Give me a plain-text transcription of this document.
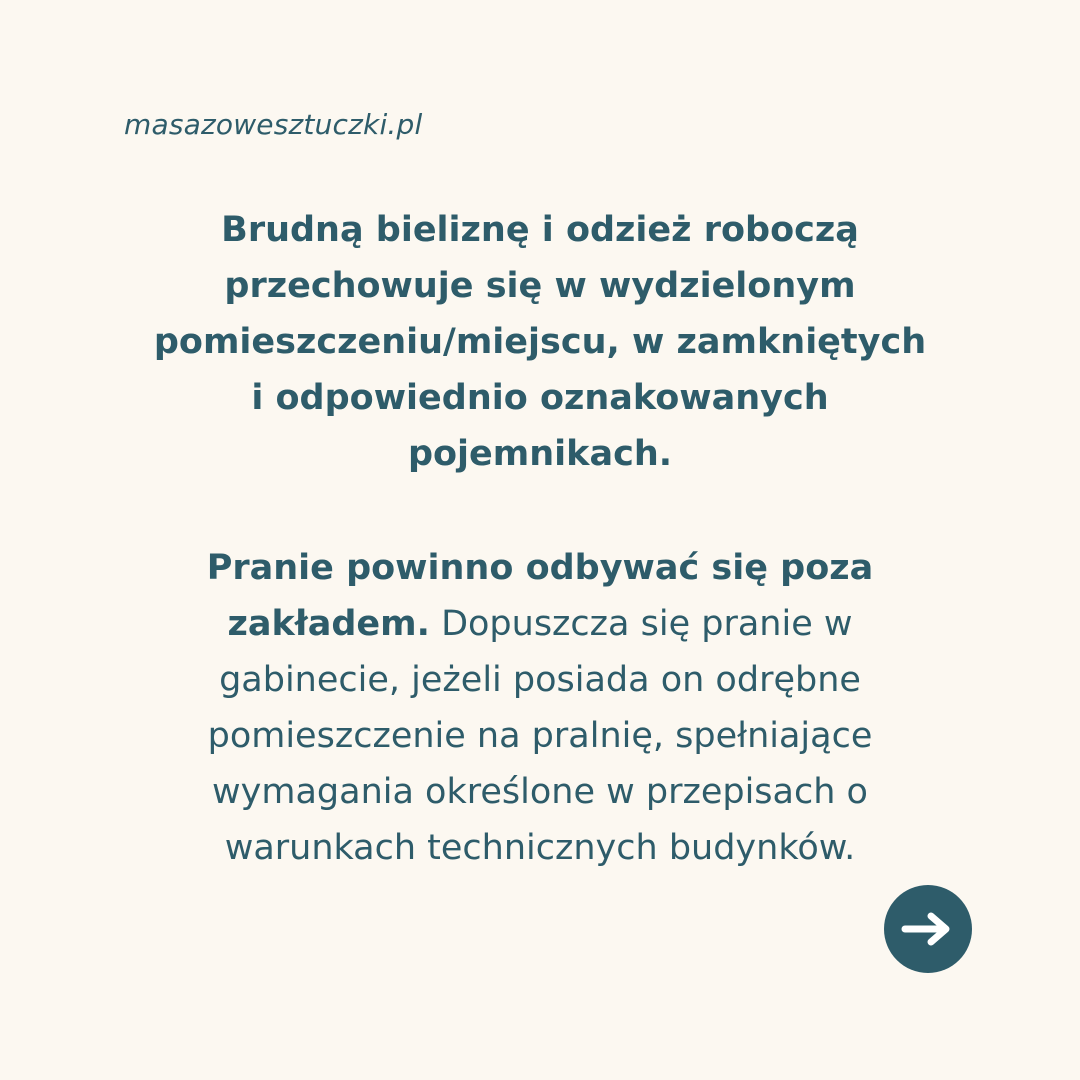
masazowesztuczki.pl
Brudną bieliznę i odzież roboczą
przechowuje się w wydzielonym
pomieszczeniu/miejscu, w zamkniętych
i odpowiednio oznakowanych
pojemnikach.
Pranie powinno odbywać się poza
zakładem. Dopuszcza się pranie w
gabinecie, jeżeli posiada on odrębne
pomieszczenie na pralnię, spełniające
wymagania określone w przepisach o
warunkach technicznych budynków.
